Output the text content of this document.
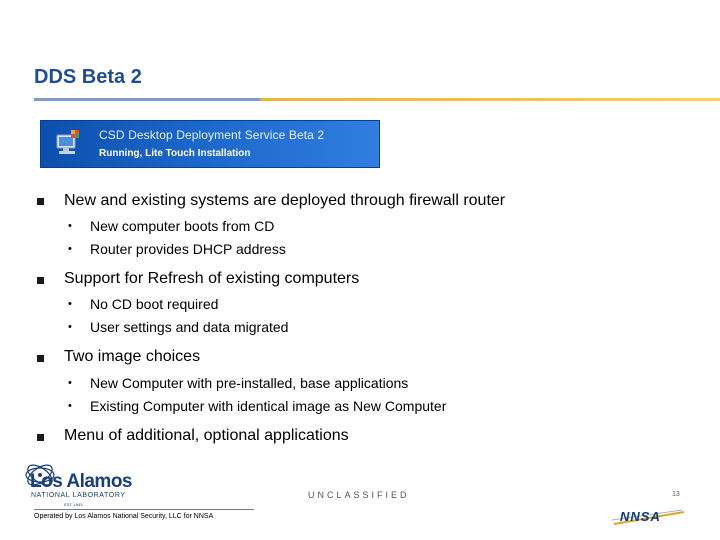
DDS Beta 2
CSD Desktop Deployment Service Beta 2
Running, Lite Touch Installation
New and existing systems are deployed through firewall router
• New computer boots from CD
• Router provides DHCP address
Support for Refresh of existing computers
• No CD boot required
• User settings and data migrated
Two image choices
• New Computer with pre-installed, base applications
• Existing Computer with identical image as New Computer
Menu of additional, optional applications
Los Alamos
NATIONAL LABORATORY
EST. 1943
UNCLASSIFIED	13
Operated by Los Alamos National Security, LLC for NNSA	NNSA
